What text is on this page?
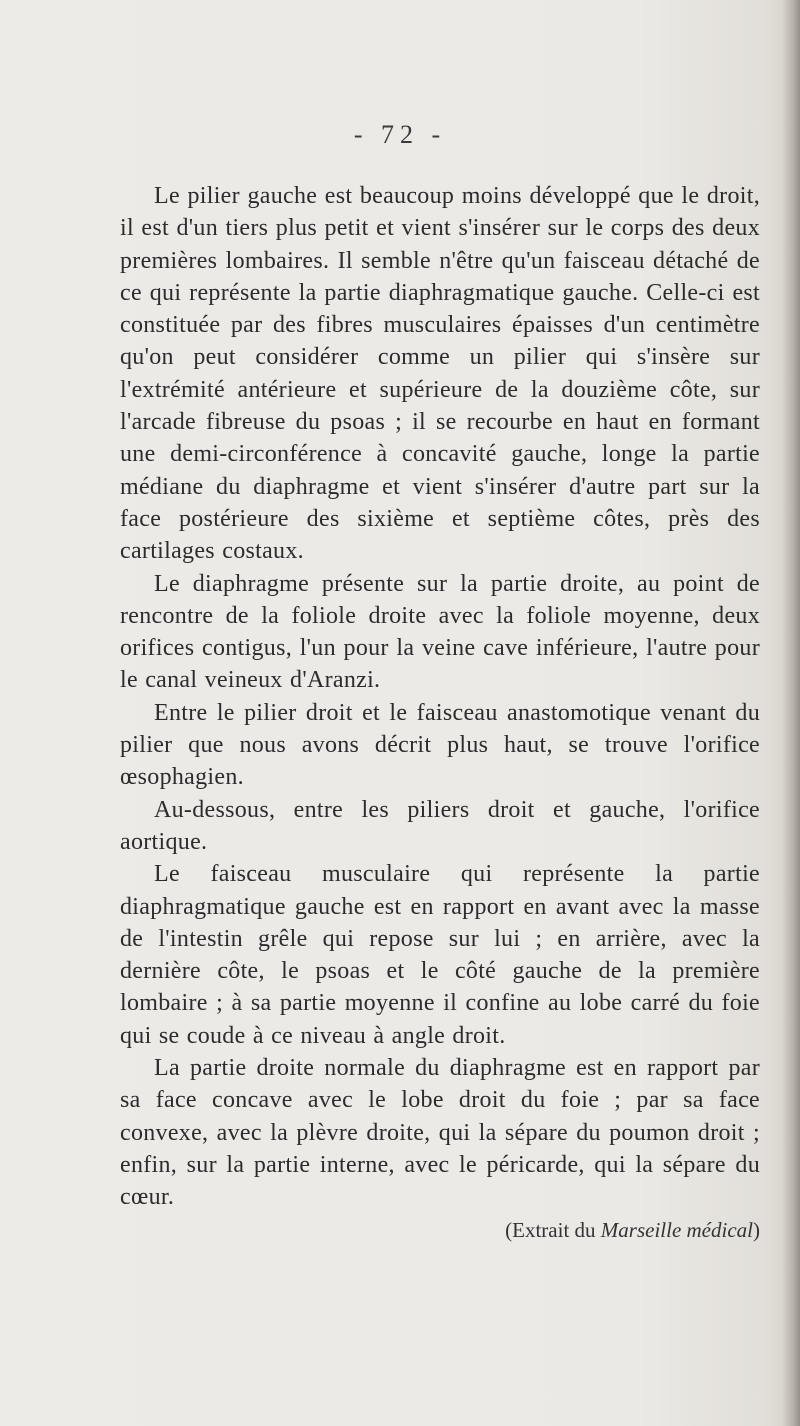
- 72 -

Le pilier gauche est beaucoup moins développé que le droit, il est d'un tiers plus petit et vient s'insérer sur le corps des deux premières lombaires. Il semble n'être qu'un faisceau détaché de ce qui représente la partie diaphragmatique gauche. Celle-ci est constituée par des fibres musculaires épaisses d'un centimètre qu'on peut considérer comme un pilier qui s'insère sur l'extrémité antérieure et supérieure de la douzième côte, sur l'arcade fibreuse du psoas ; il se recourbe en haut en formant une demi-circonférence à concavité gauche, longe la partie médiane du diaphragme et vient s'insérer d'autre part sur la face postérieure des sixième et septième côtes, près des cartilages costaux.

Le diaphragme présente sur la partie droite, au point de rencontre de la foliole droite avec la foliole moyenne, deux orifices contigus, l'un pour la veine cave inférieure, l'autre pour le canal veineux d'Aranzi.

Entre le pilier droit et le faisceau anastomotique venant du pilier que nous avons décrit plus haut, se trouve l'orifice œsophagien.

Au-dessous, entre les piliers droit et gauche, l'orifice aortique.

Le faisceau musculaire qui représente la partie diaphragmatique gauche est en rapport en avant avec la masse de l'intestin grêle qui repose sur lui ; en arrière, avec la dernière côte, le psoas et le côté gauche de la première lombaire ; à sa partie moyenne il confine au lobe carré du foie qui se coude à ce niveau à angle droit.

La partie droite normale du diaphragme est en rapport par sa face concave avec le lobe droit du foie ; par sa face convexe, avec la plèvre droite, qui la sépare du poumon droit ; enfin, sur la partie interne, avec le péricarde, qui la sépare du cœur.

(Extrait du Marseille médical)
